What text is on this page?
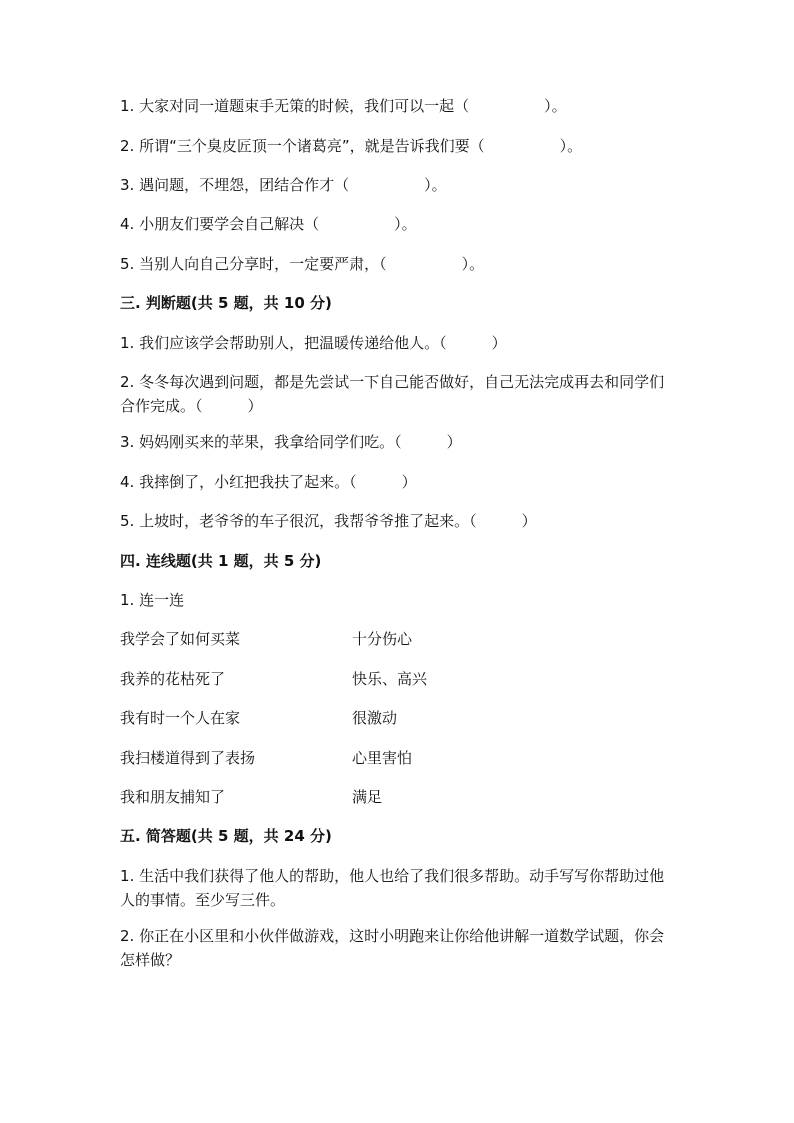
1. 大家对同一道题束手无策的时候，我们可以一起（　　　　　）。
2. 所谓“三个臭皮匠顶一个诸葛亮”，就是告诉我们要（　　　　　）。
3. 遇问题，不埋怨，团结合作才（　　　　　）。
4. 小朋友们要学会自己解决（　　　　　）。
5. 当别人向自己分享时，一定要严肃，（　　　　　）。
三. 判断题(共 5 题，共 10 分)
1. 我们应该学会帮助别人，把温暖传递给他人。（　　　）
2. 冬冬每次遇到问题，都是先尝试一下自己能否做好，自己无法完成再去和同学们合作完成。（　　　）
3. 妈妈刚买来的苹果，我拿给同学们吃。（　　　）
4. 我摔倒了，小红把我扶了起来。（　　　）
5. 上坡时，老爷爷的车子很沉，我帮爷爷推了起来。（　　　）
四. 连线题(共 1 题，共 5 分)
1. 连一连
我学会了如何买菜	十分伤心
我养的花枯死了	快乐、高兴
我有时一个人在家	很激动
我扫楼道得到了表扬	心里害怕
我和朋友捕知了	满足
五. 简答题(共 5 题，共 24 分)
1. 生活中我们获得了他人的帮助，他人也给了我们很多帮助。动手写写你帮助过他人的事情。至少写三件。
2. 你正在小区里和小伙伴做游戏，这时小明跑来让你给他讲解一道数学试题，你会怎样做？
